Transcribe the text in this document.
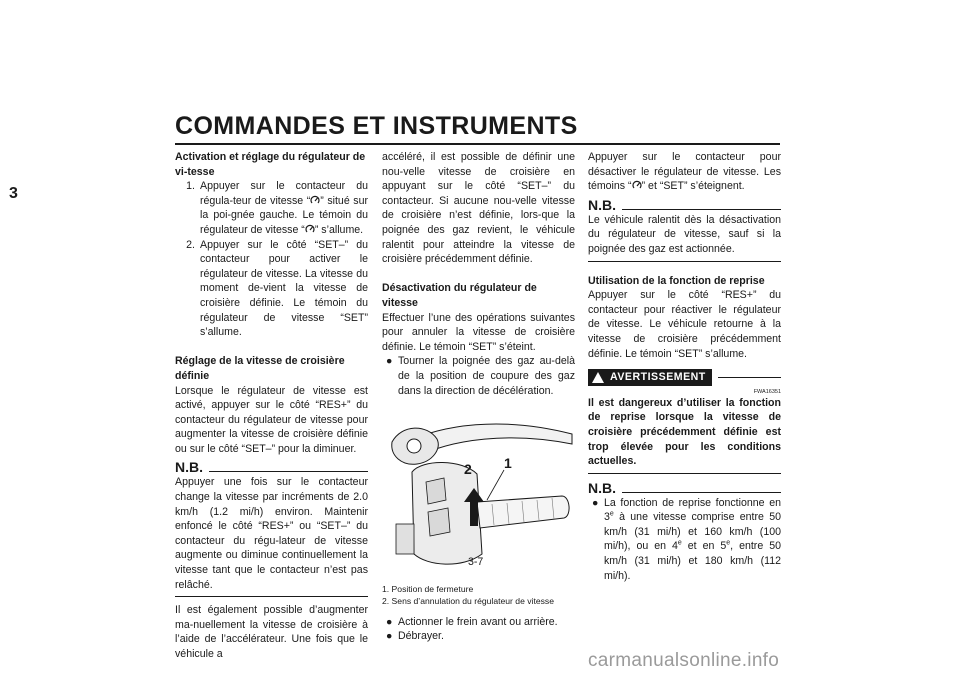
COMMANDES ET INSTRUMENTS
3

Activation et réglage du régulateur de vi-tesse

1. Appuyer sur le contacteur du régula-teur de vitesse “ ” situé sur la poi-gnée gauche. Le témoin du régulateur de vitesse “ ” s’allume.
2. Appuyer sur le côté “SET–” du contacteur pour activer le régulateur de vitesse. La vitesse du moment de-vient la vitesse de croisière définie. Le témoin du régulateur de vitesse “SET” s’allume.

Réglage de la vitesse de croisière définie

Lorsque le régulateur de vitesse est activé, appuyer sur le côté “RES+” du contacteur du régulateur de vitesse pour augmenter la vitesse de croisière définie ou sur le côté “SET–” pour la diminuer.

N.B.

Appuyer une fois sur le contacteur change la vitesse par incréments de 2.0 km/h (1.2 mi/h) environ. Maintenir enfoncé le côté “RES+” ou “SET–” du contacteur du régu-lateur de vitesse augmente ou diminue continuellement la vitesse tant que le contacteur n’est pas relâché.

Il est également possible d’augmenter ma-nuellement la vitesse de croisière à l’aide de l’accélérateur. Une fois que le véhicule a

accéléré, il est possible de définir une nou-velle vitesse de croisière en appuyant sur le côté “SET–” du contacteur. Si aucune nou-velle vitesse de croisière n’est définie, lors-que la poignée des gaz revient, le véhicule ralentit pour atteindre la vitesse de croisière précédemment définie.

Désactivation du régulateur de vitesse

Effectuer l’une des opérations suivantes pour annuler la vitesse de croisière définie. Le témoin “SET” s’éteint.

● Tourner la poignée des gaz au-delà de la position de coupure des gaz dans la direction de décélération.
2 1

1. Position de fermeture

2. Sens d’annulation du régulateur de vitesse

● Actionner le frein avant ou arrière.
● Débrayer.

Appuyer sur le contacteur pour désactiver le régulateur de vitesse. Les témoins “ ” et “SET” s’éteignent.

N.B.

Le véhicule ralentit dès la désactivation du régulateur de vitesse, sauf si la poignée des gaz est actionnée.

Utilisation de la fonction de reprise

Appuyer sur le côté “RES+” du contacteur pour réactiver le régulateur de vitesse. Le véhicule retourne à la vitesse de croisière précédemment définie. Le témoin “SET” s’allume.

AVERTISSEMENT
FWA16351

Il est dangereux d’utiliser la fonction de reprise lorsque la vitesse de croisière précédemment définie est trop élevée pour les conditions actuelles.

N.B.
● La fonction de reprise fonctionne en 3e à une vitesse comprise entre 50 km/h (31 mi/h) et 160 km/h (100 mi/h), ou en 4e et en 5e, entre 50 km/h (31 mi/h) et 180 km/h (112 mi/h).
3-7
carmanualsonline.info
